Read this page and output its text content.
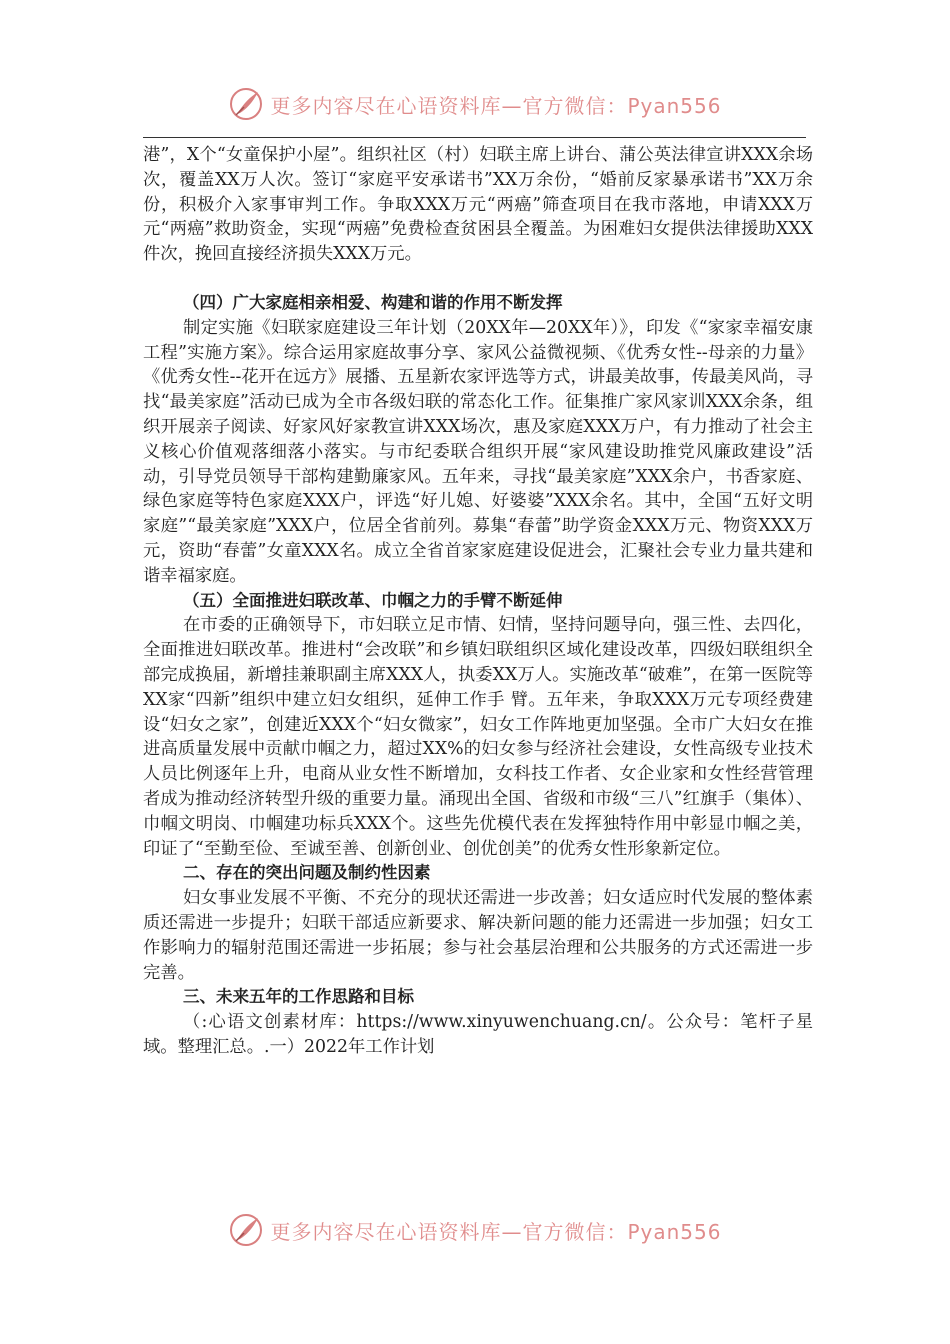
更多内容尽在心语资料库—官方微信：Pyan556

港”，X个“女童保护小屋”。组织社区（村）妇联主席上讲台、蒲公英法律宣讲XXX余场次，覆盖XX万人次。签订“家庭平安承诺书”XX万余份，“婚前反家暴承诺书”XX万余份，积极介入家事审判工作。争取XXX万元“两癌”筛查项目在我市落地，申请XXX万元“两癌”救助资金，实现“两癌”免费检查贫困县全覆盖。为困难妇女提供法律援助XXX件次，挽回直接经济损失XXX万元。

（四）广大家庭相亲相爱、构建和谐的作用不断发挥

制定实施《妇联家庭建设三年计划（20XX年—20XX年）》，印发《“家家幸福安康工程”实施方案》。综合运用家庭故事分享、家风公益微视频、《优秀女性--母亲的力量》《优秀女性--花开在远方》展播、五星新农家评选等方式，讲最美故事，传最美风尚，寻找“最美家庭”活动已成为全市各级妇联的常态化工作。征集推广家风家训XXX余条，组织开展亲子阅读、好家风好家教宣讲XXX场次，惠及家庭XXX万户，有力推动了社会主义核心价值观落细落小落实。与市纪委联合组织开展“家风建设助推党风廉政建设”活动，引导党员领导干部构建勤廉家风。五年来，寻找“最美家庭”XXX余户，书香家庭、绿色家庭等特色家庭XXX户，评选“好儿媳、好婆婆”XXX余名。其中，全国“五好文明家庭”“最美家庭”XXX户，位居全省前列。募集“春蕾”助学资金XXX万元、物资XXX万元，资助“春蕾”女童XXX名。成立全省首家家庭建设促进会，汇聚社会专业力量共建和谐幸福家庭。

（五）全面推进妇联改革、巾帼之力的手臂不断延伸

在市委的正确领导下，市妇联立足市情、妇情，坚持问题导向，强三性、去四化，全面推进妇联改革。推进村“会改联”和乡镇妇联组织区域化建设改革，四级妇联组织全部完成换届，新增挂兼职副主席XXX人，执委XX万人。实施改革“破难”，在第一医院等XX家“四新”组织中建立妇女组织，延伸工作手 臂。五年来，争取XXX万元专项经费建设“妇女之家”，创建近XXX个“妇女微家”，妇女工作阵地更加坚强。全市广大妇女在推进高质量发展中贡献巾帼之力，超过XX%的妇女参与经济社会建设，女性高级专业技术人员比例逐年上升，电商从业女性不断增加，女科技工作者、女企业家和女性经营管理者成为推动经济转型升级的重要力量。涌现出全国、省级和市级“三八”红旗手（集体）、巾帼文明岗、巾帼建功标兵XXX个。这些先优模代表在发挥独特作用中彰显巾帼之美，印证了“至勤至俭、至诚至善、创新创业、创优创美”的优秀女性形象新定位。

二、存在的突出问题及制约性因素

妇女事业发展不平衡、不充分的现状还需进一步改善；妇女适应时代发展的整体素质还需进一步提升；妇联干部适应新要求、解决新问题的能力还需进一步加强；妇女工作影响力的辐射范围还需进一步拓展；参与社会基层治理和公共服务的方式还需进一步完善。

三、未来五年的工作思路和目标

（:心语文创素材库：https://www.xinyuwenchuang.cn/。公众号：笔杆子星域。整理汇总。.一）2022年工作计划

更多内容尽在心语资料库—官方微信：Pyan556
